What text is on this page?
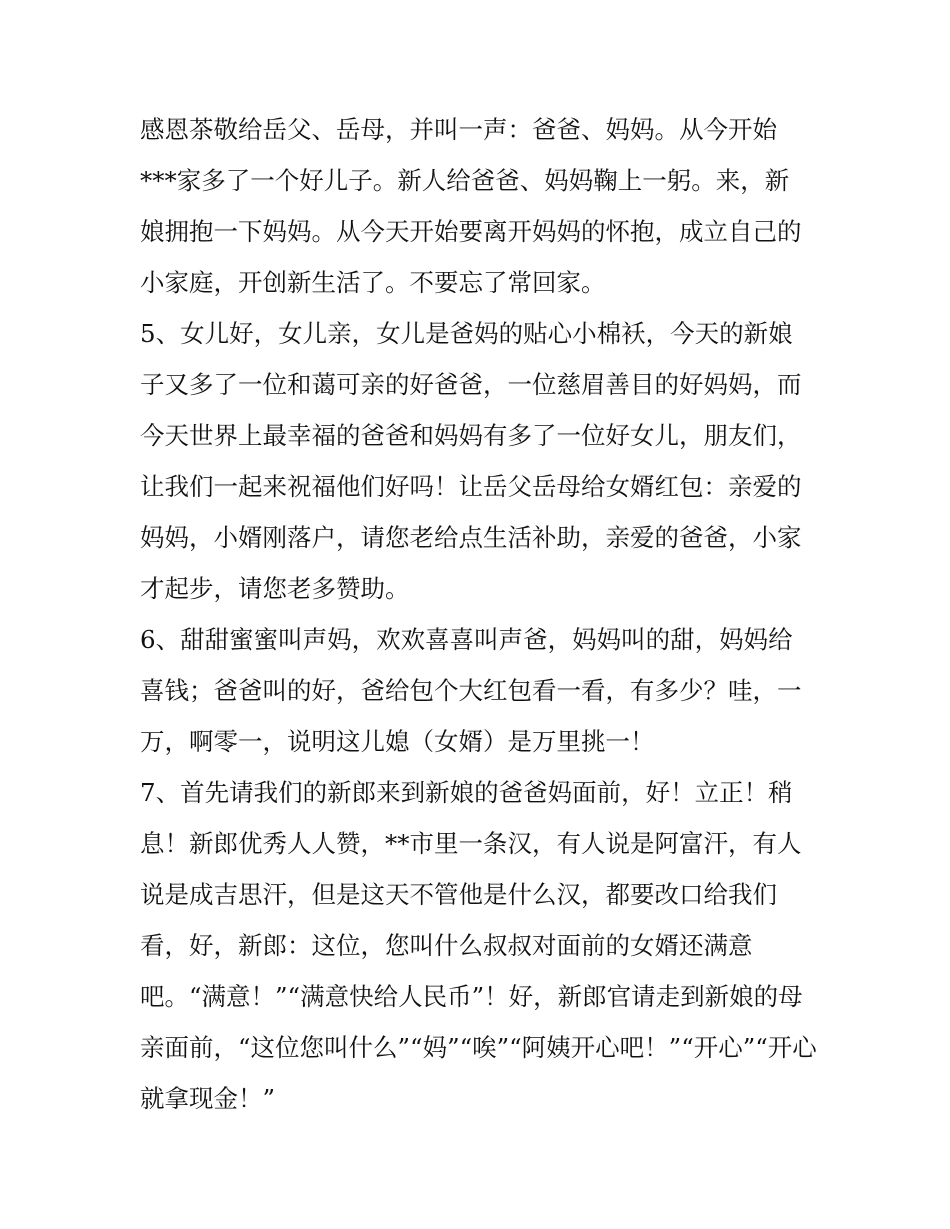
感恩茶敬给岳父、岳母，并叫一声：爸爸、妈妈。从今开始
***家多了一个好儿子。新人给爸爸、妈妈鞠上一躬。来，新
娘拥抱一下妈妈。从今天开始要离开妈妈的怀抱，成立自己的
小家庭，开创新生活了。不要忘了常回家。
5、女儿好，女儿亲，女儿是爸妈的贴心小棉袄，今天的新娘
子又多了一位和蔼可亲的好爸爸，一位慈眉善目的好妈妈，而
今天世界上最幸福的爸爸和妈妈有多了一位好女儿，朋友们，
让我们一起来祝福他们好吗！让岳父岳母给女婿红包：亲爱的
妈妈，小婿刚落户，请您老给点生活补助，亲爱的爸爸，小家
才起步，请您老多赞助。
6、甜甜蜜蜜叫声妈，欢欢喜喜叫声爸，妈妈叫的甜，妈妈给
喜钱；爸爸叫的好，爸给包个大红包看一看，有多少？哇，一
万，啊零一，说明这儿媳（女婿）是万里挑一！
7、首先请我们的新郎来到新娘的爸爸妈面前，好！立正！稍
息！新郎优秀人人赞，**市里一条汉，有人说是阿富汗，有人
说是成吉思汗，但是这天不管他是什么汉，都要改口给我们
看，好，新郎：这位，您叫什么叔叔对面前的女婿还满意
吧。“满意！”“满意快给人民币”！好，新郎官请走到新娘的母
亲面前，“这位您叫什么”“妈”“唉”“阿姨开心吧！”“开心”“开心
就拿现金！”
